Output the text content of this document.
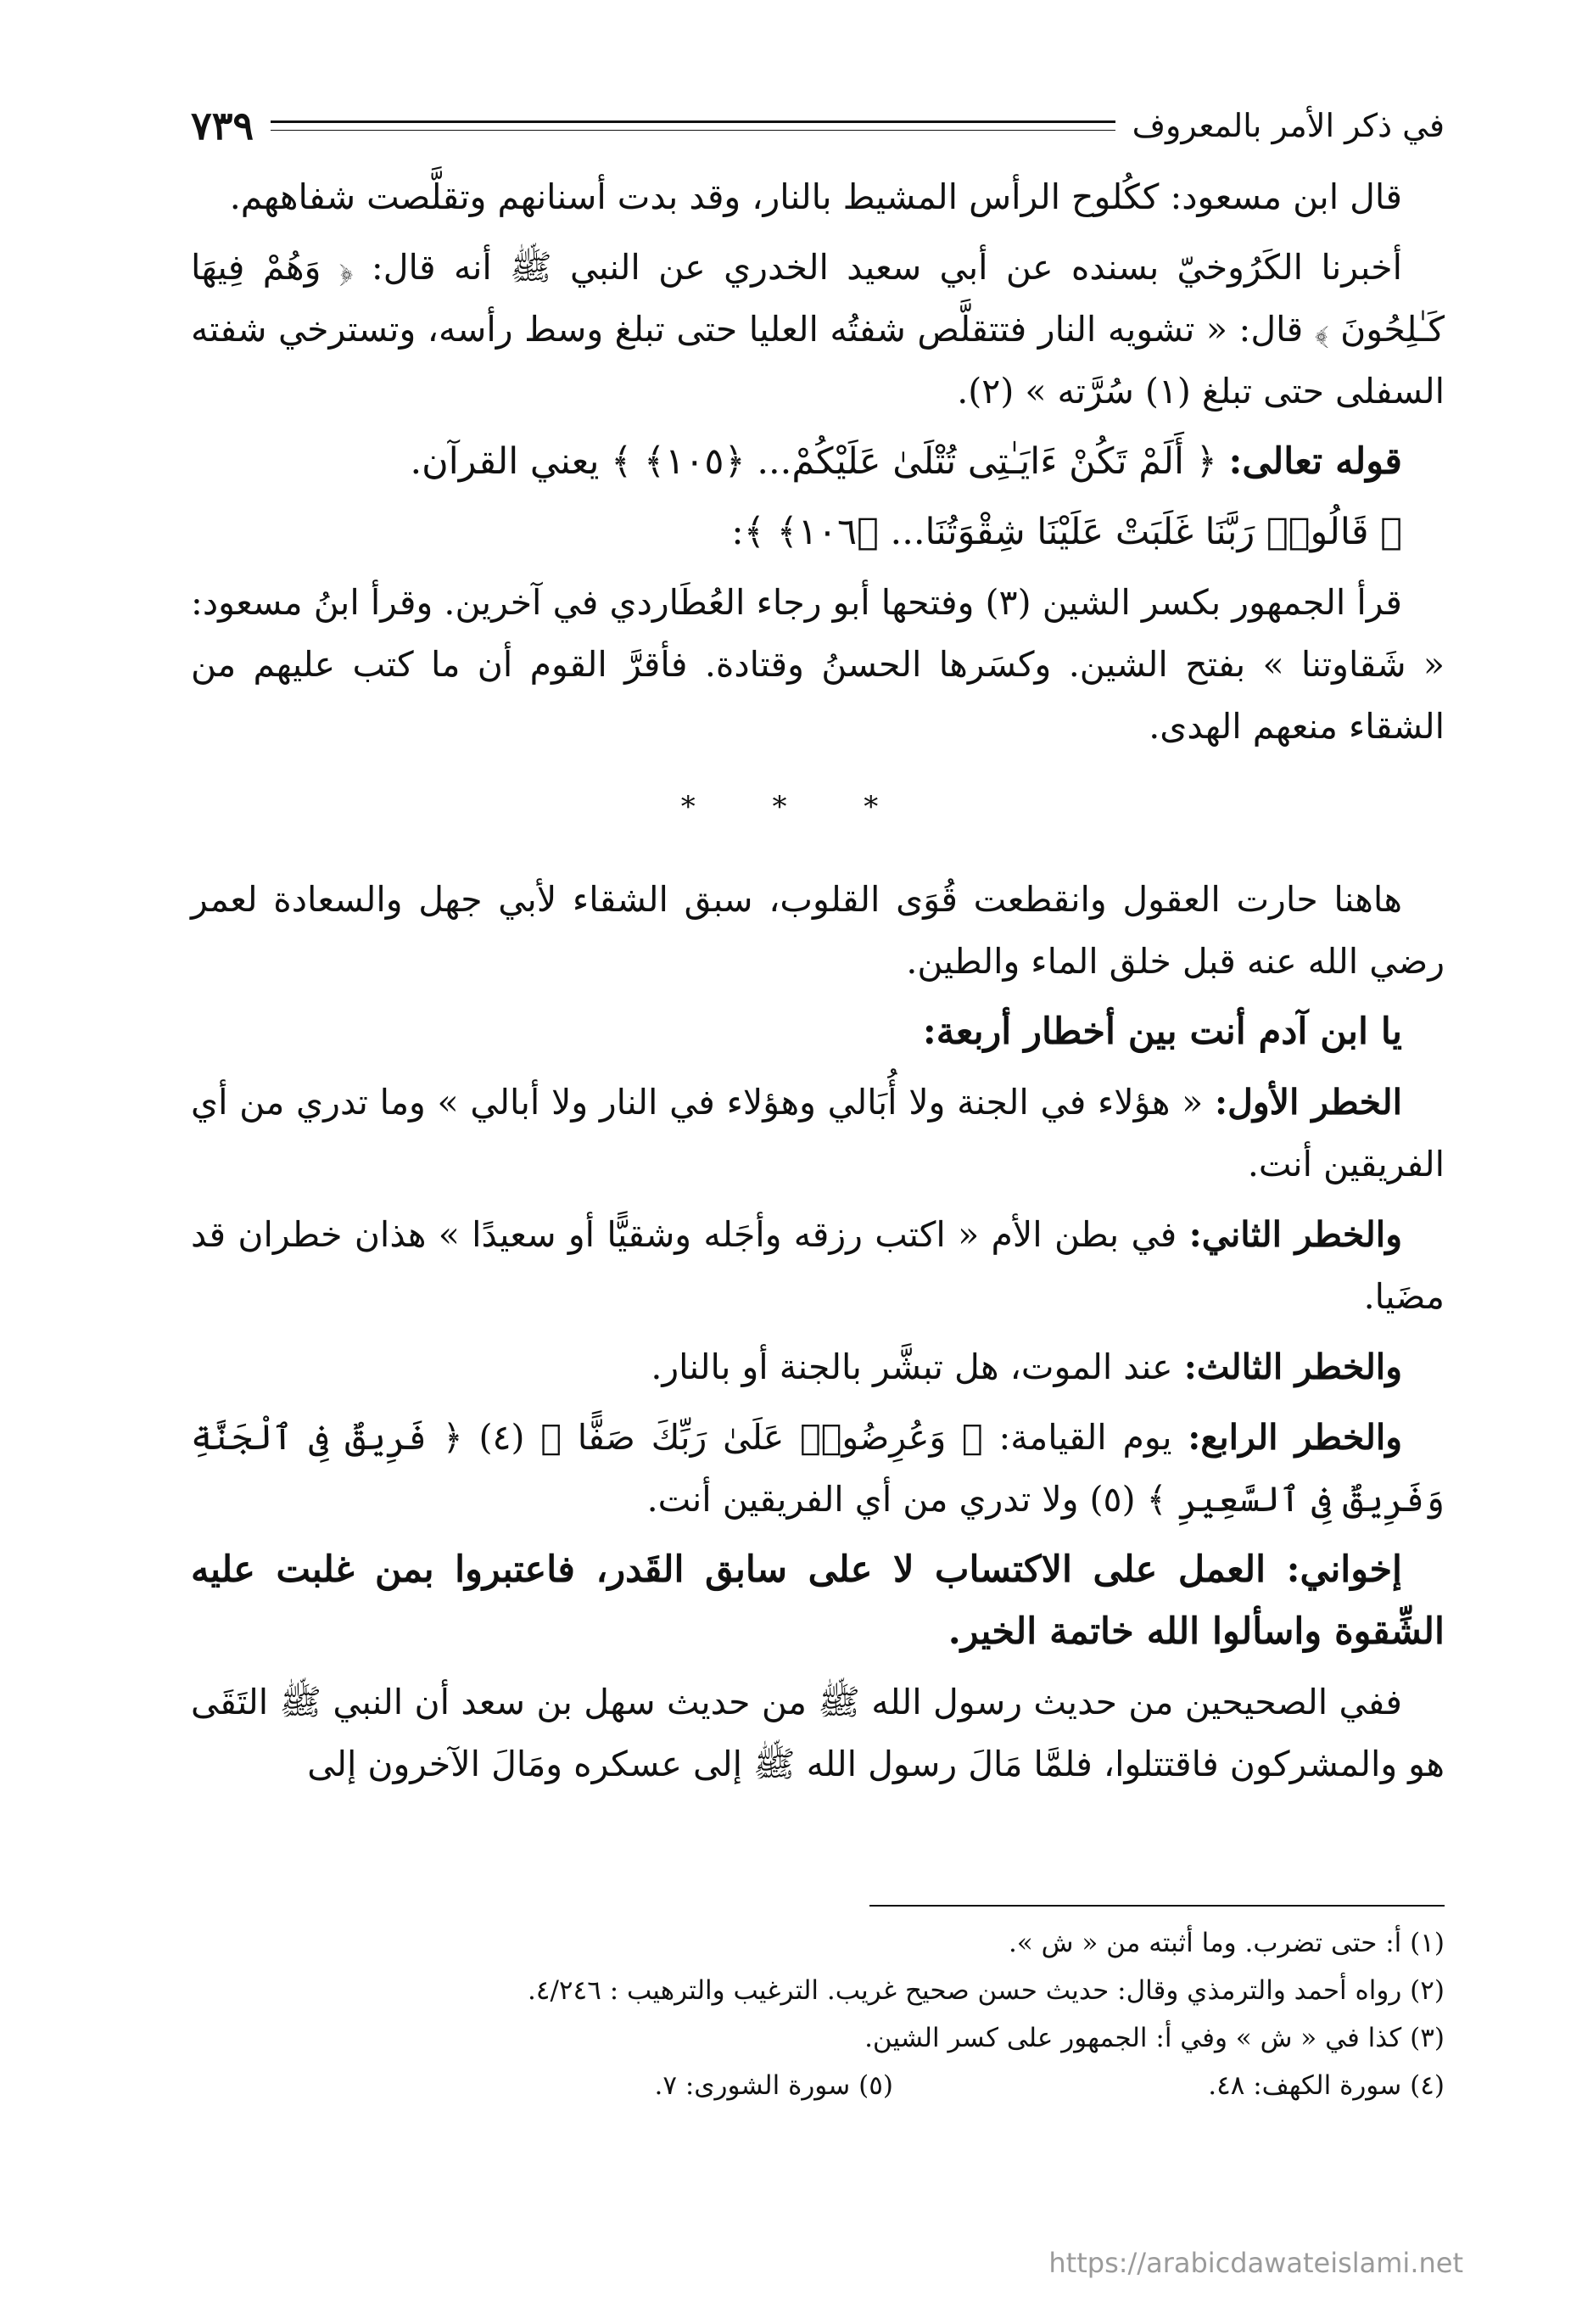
في ذكر الأمر بالمعروف
٧٣٩

قال ابن مسعود: ككُلوح الرأس المشيط بالنار، وقد بدت أسنانهم وتقلَّصت شفاههم.

أخبرنا الكَرُوخيّ بسنده عن أبي سعيد الخدري عن النبي ﷺ أنه قال: ﴿ وَهُمْ فِيهَا كَـٰلِحُونَ ﴾ قال: « تشويه النار فتتقلَّص شفتُه العليا حتى تبلغ وسط رأسه، وتسترخي شفته السفلى حتى تبلغ (١) سُرَّته » (٢).

قوله تعالى: ﴿ أَلَمْ تَكُنْ ءَايَـٰتِى تُتْلَىٰ عَلَيْكُمْ... ﴿١٠٥﴾ ﴾ يعني القرآن.

﴿ قَالُوا۟ رَبَّنَا غَلَبَتْ عَلَيْنَا شِقْوَتُنَا... ﴿١٠٦﴾ ﴾:

قرأ الجمهور بكسر الشين (٣) وفتحها أبو رجاء العُطَاردي في آخرين. وقرأ ابنُ مسعود: « شَقاوتنا » بفتح الشين. وكسَرها الحسنُ وقتادة. فأقرَّ القوم أن ما كتب عليهم من الشقاء منعهم الهدى.

* * *

هاهنا حارت العقول وانقطعت قُوَى القلوب، سبق الشقاء لأبي جهل والسعادة لعمر رضي الله عنه قبل خلق الماء والطين.

يا ابن آدم أنت بين أخطار أربعة:

الخطر الأول: « هؤلاء في الجنة ولا أُبَالي وهؤلاء في النار ولا أبالي » وما تدري من أي الفريقين أنت.

والخطر الثاني: في بطن الأم « اكتب رزقه وأجَله وشقيًّا أو سعيدًا » هذان خطران قد مضَيا.

والخطر الثالث: عند الموت، هل تبشَّر بالجنة أو بالنار.

والخطر الرابع: يوم القيامة: ﴿ وَعُرِضُوا۟ عَلَىٰ رَبِّكَ صَفًّا ﴾ (٤) ﴿ فَرِيقٌ فِى ٱلْجَنَّةِ وَفَرِيقٌ فِى ٱلسَّعِيرِ ﴾ (٥) ولا تدري من أي الفريقين أنت.

إخواني: العمل على الاكتساب لا على سابق القَدر، فاعتبروا بمن غلبت عليه الشِّقوة واسألوا الله خاتمة الخير.

ففي الصحيحين من حديث رسول الله ﷺ من حديث سهل بن سعد أن النبي ﷺ التَقَى هو والمشركون فاقتتلوا، فلمَّا مَالَ رسول الله ﷺ إلى عسكره ومَالَ الآخرون إلى

(١) أ: حتى تضرب. وما أثبته من « ش ».

(٢) رواه أحمد والترمذي وقال: حديث حسن صحيح غريب. الترغيب والترهيب : ٤/٢٤٦.

(٣) كذا في « ش » وفي أ: الجمهور على كسر الشين.

(٤) سورة الكهف: ٤٨.

(٥) سورة الشورى: ٧.

https://arabicdawateislami.net
